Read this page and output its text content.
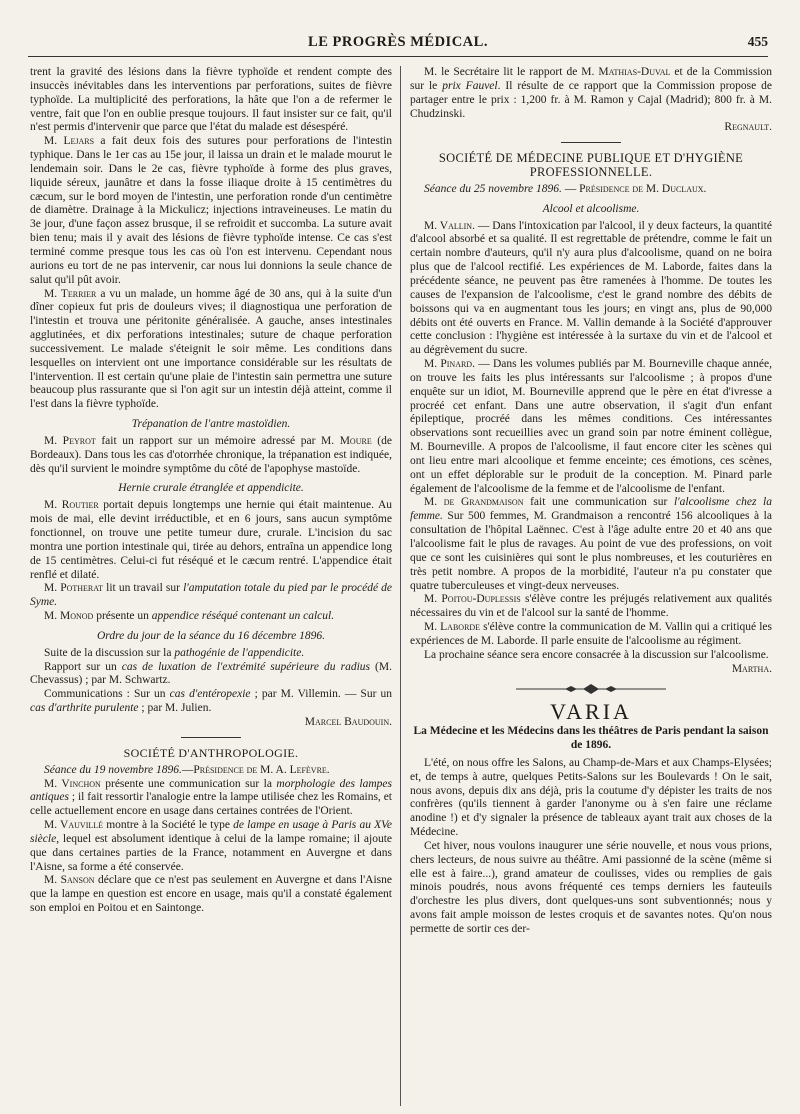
LE PROGRÈS MÉDICAL.	455

trent la gravité des lésions dans la fièvre typhoïde et rendent compte des insuccès inévitables dans les interventions par perforations, suites de fièvre typhoïde. La multiplicité des perforations, la hâte que l'on a de refermer le ventre, fait que l'on en oublie presque toujours. Il faut insister sur ce fait, qu'il n'est permis d'intervenir que parce que l'état du malade est désespéré.

M. Lejars a fait deux fois des sutures pour perforations de l'intestin typhique. Dans le 1er cas au 15e jour, il laissa un drain et le malade mourut le lendemain soir. Dans le 2e cas, fièvre typhoïde à forme des plus graves, liquide séreux, jaunâtre et dans la fosse iliaque droite à 15 centimètres du cæcum, sur le bord moyen de l'intestin, une perforation ronde d'un centimètre de diamètre. Drainage à la Mickulicz; injections intraveineuses. Le matin du 3e jour, d'une façon assez brusque, il se refroidit et succomba. La suture avait bien tenu; mais il y avait des lésions de fièvre typhoïde intense. Ce cas s'est terminé comme presque tous les cas où l'on est intervenu. Cependant nous aurions eu tort de ne pas intervenir, car nous lui donnions la seule chance de salut qu'il pût avoir.

M. Terrier a vu un malade, un homme âgé de 30 ans, qui à la suite d'un dîner copieux fut pris de douleurs vives; il diagnostiqua une perforation de l'intestin et trouva une péritonite généralisée. A gauche, anses intestinales agglutinées, et dix perforations intestinales; suture de chaque perforation successivement. Le malade s'éteignit le soir même. Les conditions dans lesquelles on intervient ont une importance considérable sur les résultats de l'intervention. Il est certain qu'une plaie de l'intestin sain permettra une suture beaucoup plus rassurante que si l'on agit sur un intestin déjà atteint, comme il l'est dans la fièvre typhoïde.

Trépanation de l'antre mastoïdien.

M. Peyrot fait un rapport sur un mémoire adressé par M. Moure (de Bordeaux). Dans tous les cas d'otorrhée chronique, la trépanation est indiquée, dès qu'il survient le moindre symptôme du côté de l'apophyse mastoïde.

Hernie crurale étranglée et appendicite.

M. Routier portait depuis longtemps une hernie qui était maintenue. Au mois de mai, elle devint irréductible, et en 6 jours, sans aucun symptôme fonctionnel, on trouve une petite tumeur dure, crurale. L'incision du sac montra une portion intestinale qui, tirée au dehors, entraîna un appendice long de 15 centimètres. Celui-ci fut réséqué et le cæcum rentré. L'appendice était renflé et dilaté.

M. Potherat lit un travail sur l'amputation totale du pied par le procédé de Syme.

M. Monod présente un appendice réséqué contenant un calcul.

Ordre du jour de la séance du 16 décembre 1896.

Suite de la discussion sur la pathogénie de l'appendicite.

Rapport sur un cas de luxation de l'extrémité supérieure du radius (M. Chevassus) ; par M. Schwartz.

Communications : Sur un cas d'entéropexie ; par M. Villemin. — Sur un cas d'arthrite purulente ; par M. Julien.

Marcel Baudouin.
SOCIÉTÉ D'ANTHROPOLOGIE.

Séance du 19 novembre 1896.—Présidence de M. A. Lefèvre.

M. Vinchon présente une communication sur la morphologie des lampes antiques ; il fait ressortir l'analogie entre la lampe utilisée chez les Romains, et celle actuellement encore en usage dans certaines contrées de l'Orient.

M. Vauvillé montre à la Société le type de lampe en usage à Paris au XVe siècle, lequel est absolument identique à celui de la lampe romaine; il ajoute que dans certaines parties de la France, notamment en Auvergne et dans l'Aisne, sa forme a été conservée.

M. Sanson déclare que ce n'est pas seulement en Auvergne et dans l'Aisne que la lampe en question est encore en usage, mais qu'il a constaté également son emploi en Poitou et en Saintonge.

M. le Secrétaire lit le rapport de M. Mathias-Duval et de la Commission sur le prix Fauvel. Il résulte de ce rapport que la Commission propose de partager entre le prix : 1,200 fr. à M. Ramon y Cajal (Madrid); 800 fr. à M. Chudzinski.

Regnault.
SOCIÉTÉ DE MÉDECINE PUBLIQUE ET D'HYGIÈNE PROFESSIONNELLE.

Séance du 25 novembre 1896. — Présidence de M. Duclaux.

Alcool et alcoolisme.

M. Vallin. — Dans l'intoxication par l'alcool, il y deux facteurs, la quantité d'alcool absorbé et sa qualité. Il est regrettable de prétendre, comme le fait un certain nombre d'auteurs, qu'il n'y aura plus d'alcoolisme, quand on ne boira plus que de l'alcool rectifié. Les expériences de M. Laborde, faites dans la précédente séance, ne peuvent pas être ramenées à l'homme. De toutes les causes de l'expansion de l'alcoolisme, c'est le grand nombre des débits de boissons qui va en augmentant tous les jours; en vingt ans, plus de 90,000 débits ont été ouverts en France. M. Vallin demande à la Société d'approuver cette conclusion : l'hygiène est intéressée à la surtaxe du vin et de l'alcool et au dégrèvement du sucre.

M. Pinard. — Dans les volumes publiés par M. Bourneville chaque année, on trouve les faits les plus intéressants sur l'alcoolisme ; à propos d'une enquête sur un idiot, M. Bourneville apprend que le père en état d'ivresse a procréé cet enfant. Dans une autre observation, il s'agit d'un enfant épileptique, procréé dans les mêmes conditions. Ces intéressantes observations sont recueillies avec un grand soin par notre éminent collègue, M. Bourneville. A propos de l'alcoolisme, il faut encore citer les scènes qui ont lieu entre mari alcoolique et femme enceinte; ces émotions, ces scènes, ont un effet déplorable sur le produit de la conception. M. Pinard parle également de l'alcoolisme de la femme et de l'alcoolisme de l'enfant.

M. de Grandmaison fait une communication sur l'alcoolisme chez la femme. Sur 500 femmes, M. Grandmaison a rencontré 156 alcooliques à la consultation de l'hôpital Laënnec. C'est à l'âge adulte entre 20 et 40 ans que l'alcoolisme fait le plus de ravages. Au point de vue des professions, on voit que ce sont les cuisinières qui sont le plus nombreuses, et les couturières en très petit nombre. A propos de la morbidité, l'auteur n'a pu constater que quatre tuberculeuses et vingt-deux nerveuses.

M. Poitou-Duplessis s'élève contre les préjugés relativement aux qualités nécessaires du vin et de l'alcool sur la santé de l'homme.

M. Laborde s'élève contre la communication de M. Vallin qui a critiqué les expériences de M. Laborde. Il parle ensuite de l'alcoolisme au régiment.

La prochaine séance sera encore consacrée à la discussion sur l'alcoolisme.

Martha.
VARIA
La Médecine et les Médecins dans les théâtres de Paris pendant la saison de 1896.

L'été, on nous offre les Salons, au Champ-de-Mars et aux Champs-Elysées; et, de temps à autre, quelques Petits-Salons sur les Boulevards ! On le sait, nous avons, depuis dix ans déjà, pris la coutume d'y dépister les traits de nos confrères (qu'ils tiennent à garder l'anonyme ou à s'en faire une réclame anodine !) et d'y signaler la présence de tableaux ayant trait aux choses de la Médecine.

Cet hiver, nous voulons inaugurer une série nouvelle, et nous vous prions, chers lecteurs, de nous suivre au théâtre. Ami passionné de la scène (même si elle est à faire...), grand amateur de coulisses, vides ou remplies de gais minois poudrés, nous avons fréquenté ces temps derniers les fauteuils d'orchestre les plus divers, dont quelques-uns sont subventionnés; nous y avons fait ample moisson de lestes croquis et de savantes notes. Qu'on nous permette de sortir ces der-
